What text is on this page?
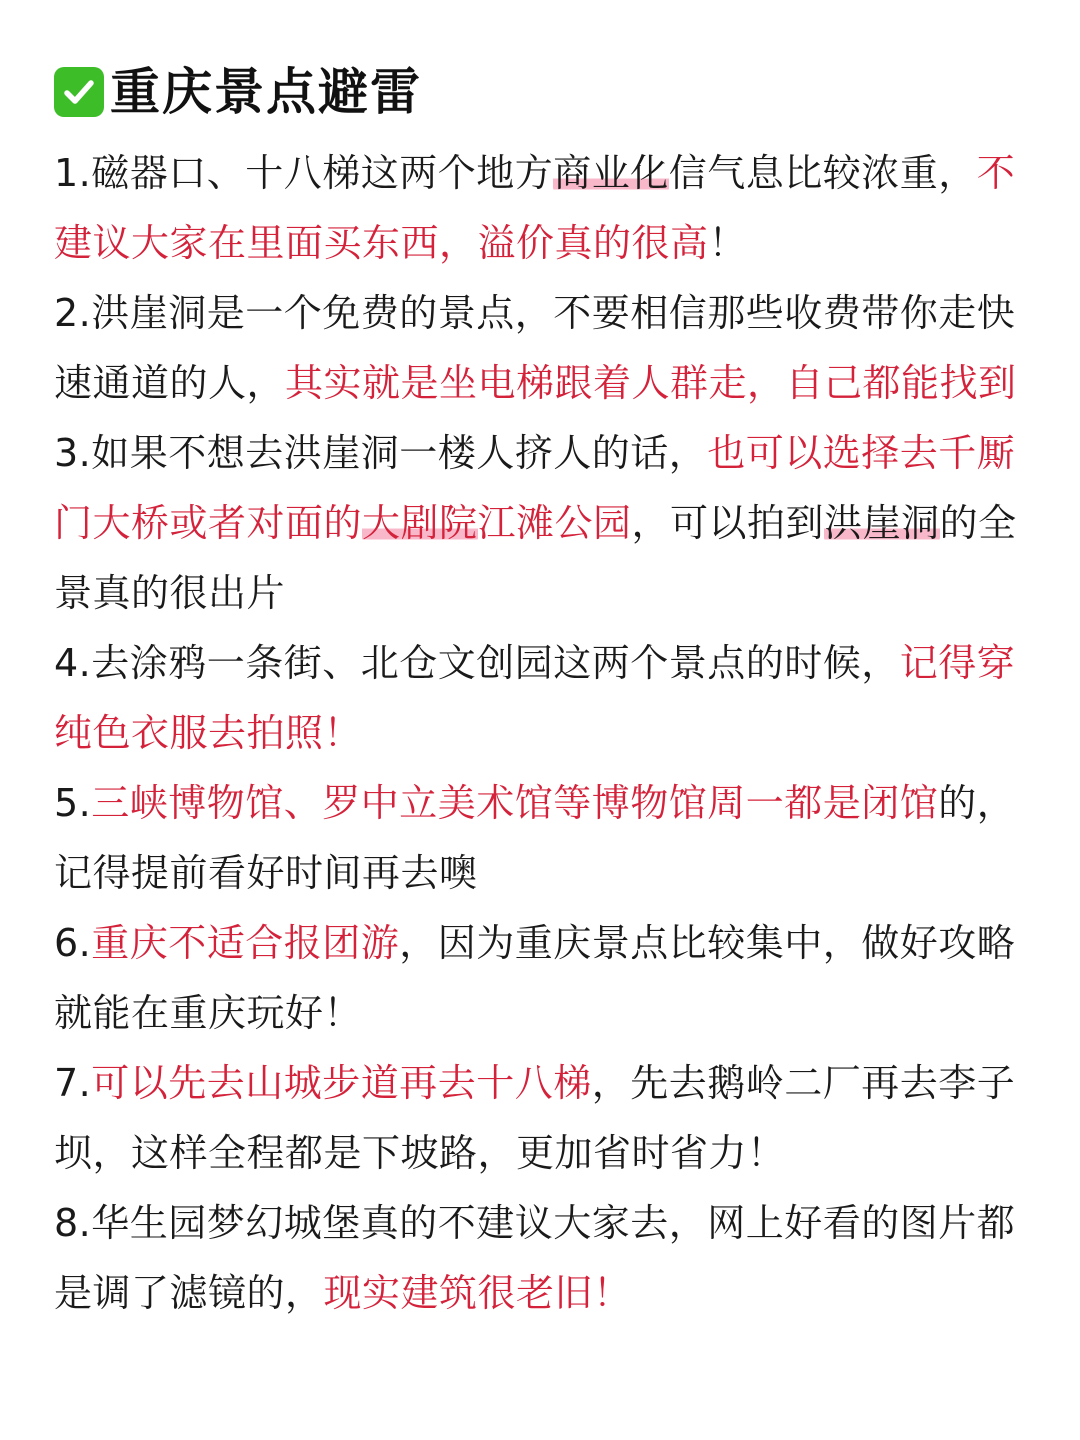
重庆景点避雷

1.磁器口、十八梯这两个地方商业化信气息比较浓重，不建议大家在里面买东西，溢价真的很高！

2.洪崖洞是一个免费的景点，不要相信那些收费带你走快速通道的人，其实就是坐电梯跟着人群走，自己都能找到

3.如果不想去洪崖洞一楼人挤人的话，也可以选择去千厮门大桥或者对面的大剧院江滩公园，可以拍到洪崖洞的全景真的很出片

4.去涂鸦一条街、北仓文创园这两个景点的时候，记得穿纯色衣服去拍照！

5.三峡博物馆、罗中立美术馆等博物馆周一都是闭馆的，记得提前看好时间再去噢

6.重庆不适合报团游，因为重庆景点比较集中，做好攻略就能在重庆玩好！

7.可以先去山城步道再去十八梯，先去鹅岭二厂再去李子坝，这样全程都是下坡路，更加省时省力！

8.华生园梦幻城堡真的不建议大家去，网上好看的图片都是调了滤镜的，现实建筑很老旧！
